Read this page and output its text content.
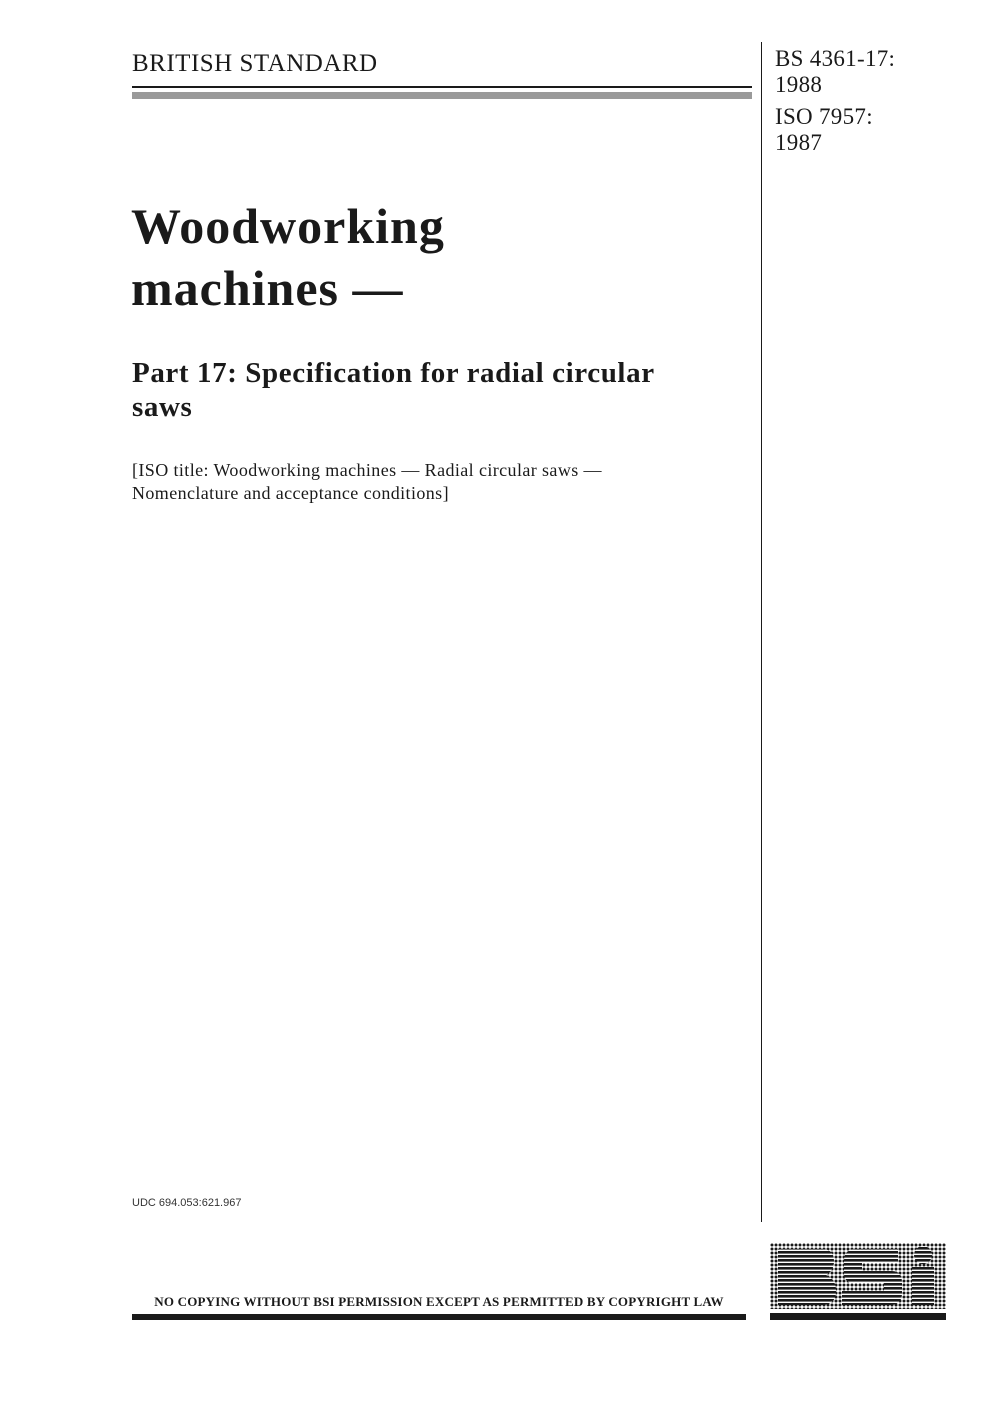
BRITISH STANDARD	BS 4361-17:
1988
ISO 7957:
1987
Woodworking
machines —
Part 17: Specification for radial circular
saws
[ISO title: Woodworking machines — Radial circular saws —
Nomenclature and acceptance conditions]
UDC 694.053:621.967
NO COPYING WITHOUT BSI PERMISSION EXCEPT AS PERMITTED BY COPYRIGHT LAW
